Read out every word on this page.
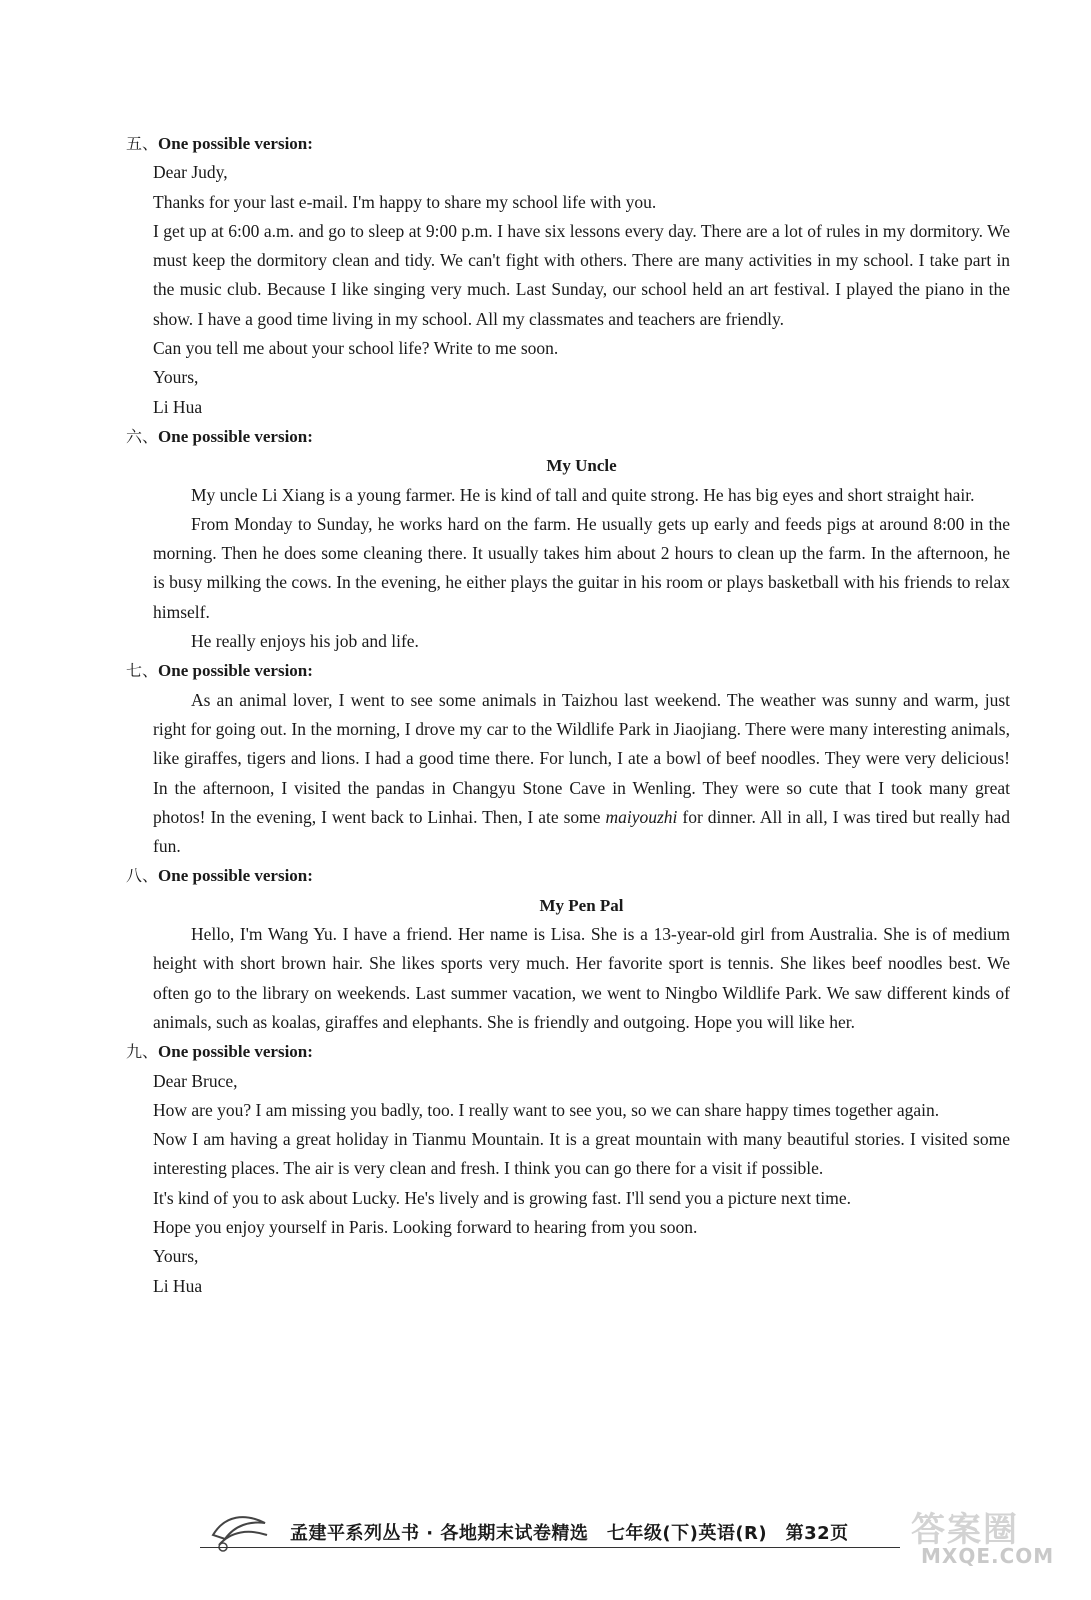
五、One possible version:
Dear Judy,
Thanks for your last e-mail. I'm happy to share my school life with you.
I get up at 6:00 a.m. and go to sleep at 9:00 p.m. I have six lessons every day. There are a lot of rules in my dormitory. We must keep the dormitory clean and tidy. We can't fight with others. There are many activities in my school. I take part in the music club. Because I like singing very much. Last Sunday, our school held an art festival. I played the piano in the show. I have a good time living in my school. All my classmates and teachers are friendly.
Can you tell me about your school life? Write to me soon.
Yours,
Li Hua
六、One possible version:
My Uncle
My uncle Li Xiang is a young farmer. He is kind of tall and quite strong. He has big eyes and short straight hair.
From Monday to Sunday, he works hard on the farm. He usually gets up early and feeds pigs at around 8:00 in the morning. Then he does some cleaning there. It usually takes him about 2 hours to clean up the farm. In the afternoon, he is busy milking the cows. In the evening, he either plays the guitar in his room or plays basketball with his friends to relax himself.
He really enjoys his job and life.
七、One possible version:
As an animal lover, I went to see some animals in Taizhou last weekend. The weather was sunny and warm, just right for going out. In the morning, I drove my car to the Wildlife Park in Jiaojiang. There were many interesting animals, like giraffes, tigers and lions. I had a good time there. For lunch, I ate a bowl of beef noodles. They were very delicious! In the afternoon, I visited the pandas in Changyu Stone Cave in Wenling. They were so cute that I took many great photos! In the evening, I went back to Linhai. Then, I ate some maiyouzhi for dinner. All in all, I was tired but really had fun.
八、One possible version:
My Pen Pal
Hello, I'm Wang Yu. I have a friend. Her name is Lisa. She is a 13-year-old girl from Australia. She is of medium height with short brown hair. She likes sports very much. Her favorite sport is tennis. She likes beef noodles best. We often go to the library on weekends. Last summer vacation, we went to Ningbo Wildlife Park. We saw different kinds of animals, such as koalas, giraffes and elephants. She is friendly and outgoing. Hope you will like her.
九、One possible version:
Dear Bruce,
How are you? I am missing you badly, too. I really want to see you, so we can share happy times together again.
Now I am having a great holiday in Tianmu Mountain. It is a great mountain with many beautiful stories. I visited some interesting places. The air is very clean and fresh. I think you can go there for a visit if possible.
It's kind of you to ask about Lucky. He's lively and is growing fast. I'll send you a picture next time.
Hope you enjoy yourself in Paris. Looking forward to hearing from you soon.
Yours,
Li Hua
孟建平系列丛书 · 各地期末试卷精选　七年级(下)英语(R)　第32页 答案圈
MXQE.COM
